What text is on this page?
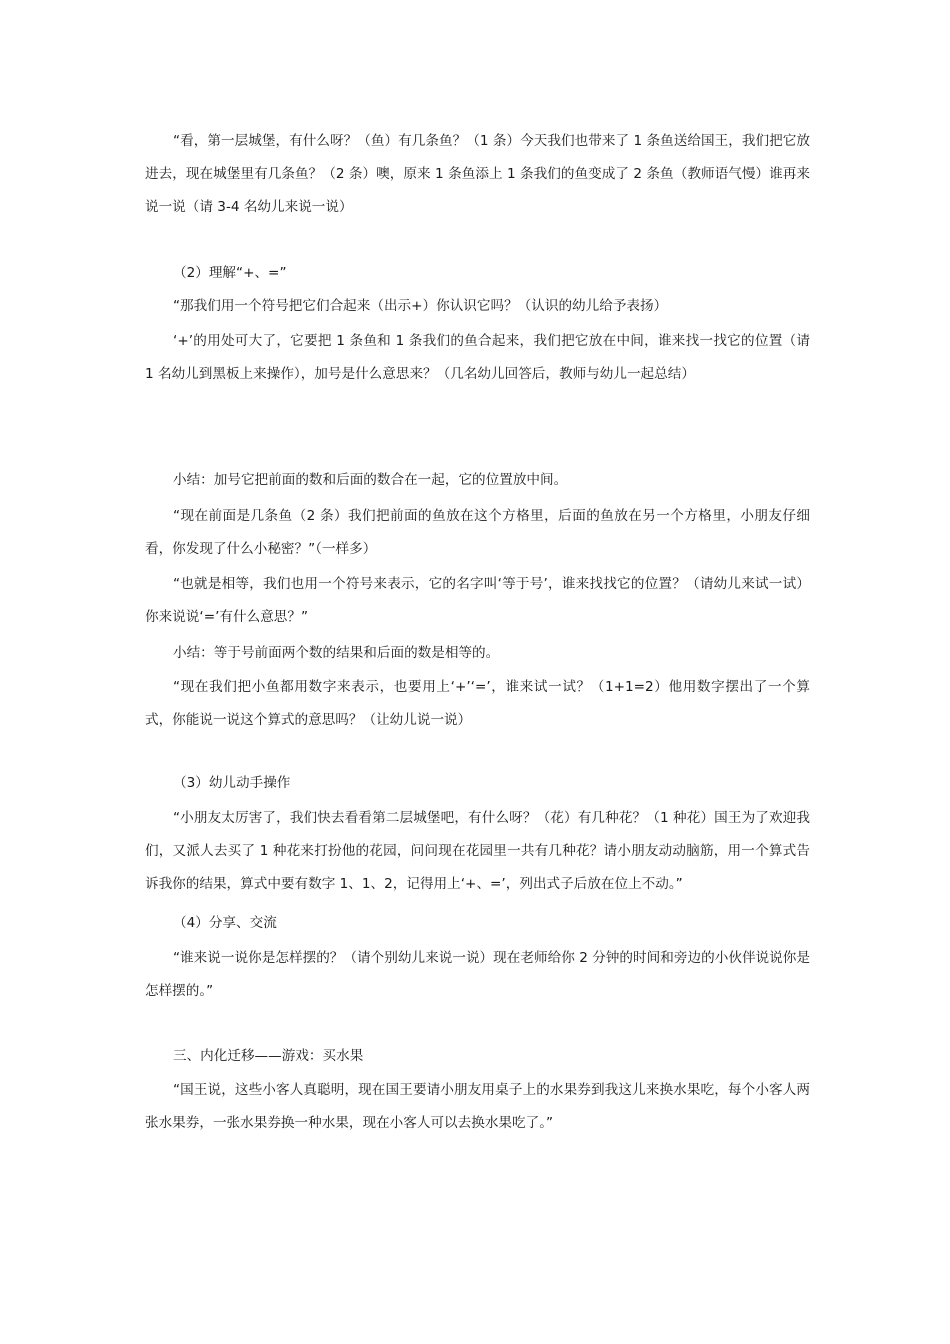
“看，第一层城堡，有什么呀？（鱼）有几条鱼？（1 条）今天我们也带来了 1 条鱼送给国王，我们把它放进去，现在城堡里有几条鱼？（2 条）噢，原来 1 条鱼添上 1 条我们的鱼变成了 2 条鱼（教师语气慢）谁再来说一说（请 3-4 名幼儿来说一说）

（2）理解“+、=”

“那我们用一个符号把它们合起来（出示+）你认识它吗？（认识的幼儿给予表扬）

‘+’的用处可大了，它要把 1 条鱼和 1 条我们的鱼合起来，我们把它放在中间，谁来找一找它的位置（请 1 名幼儿到黑板上来操作），加号是什么意思来？（几名幼儿回答后，教师与幼儿一起总结）

小结：加号它把前面的数和后面的数合在一起，它的位置放中间。

“现在前面是几条鱼（2 条）我们把前面的鱼放在这个方格里，后面的鱼放在另一个方格里，小朋友仔细看，你发现了什么小秘密？”（一样多）

“也就是相等，我们也用一个符号来表示，它的名字叫‘等于号’，谁来找找它的位置？（请幼儿来试一试）你来说说‘=’有什么意思？”

小结：等于号前面两个数的结果和后面的数是相等的。

“现在我们把小鱼都用数字来表示，也要用上‘+’‘=’，谁来试一试？（1+1=2）他用数字摆出了一个算式，你能说一说这个算式的意思吗？（让幼儿说一说）

（3）幼儿动手操作

“小朋友太厉害了，我们快去看看第二层城堡吧，有什么呀？（花）有几种花？（1 种花）国王为了欢迎我们，又派人去买了 1 种花来打扮他的花园，问问现在花园里一共有几种花？请小朋友动动脑筋，用一个算式告诉我你的结果，算式中要有数字 1、1、2，记得用上‘+、=’，列出式子后放在位上不动。”

（4）分享、交流

“谁来说一说你是怎样摆的？（请个别幼儿来说一说）现在老师给你 2 分钟的时间和旁边的小伙伴说说你是怎样摆的。”

三、内化迁移——游戏：买水果

“国王说，这些小客人真聪明，现在国王要请小朋友用桌子上的水果券到我这儿来换水果吃，每个小客人两张水果券，一张水果券换一种水果，现在小客人可以去换水果吃了。”
